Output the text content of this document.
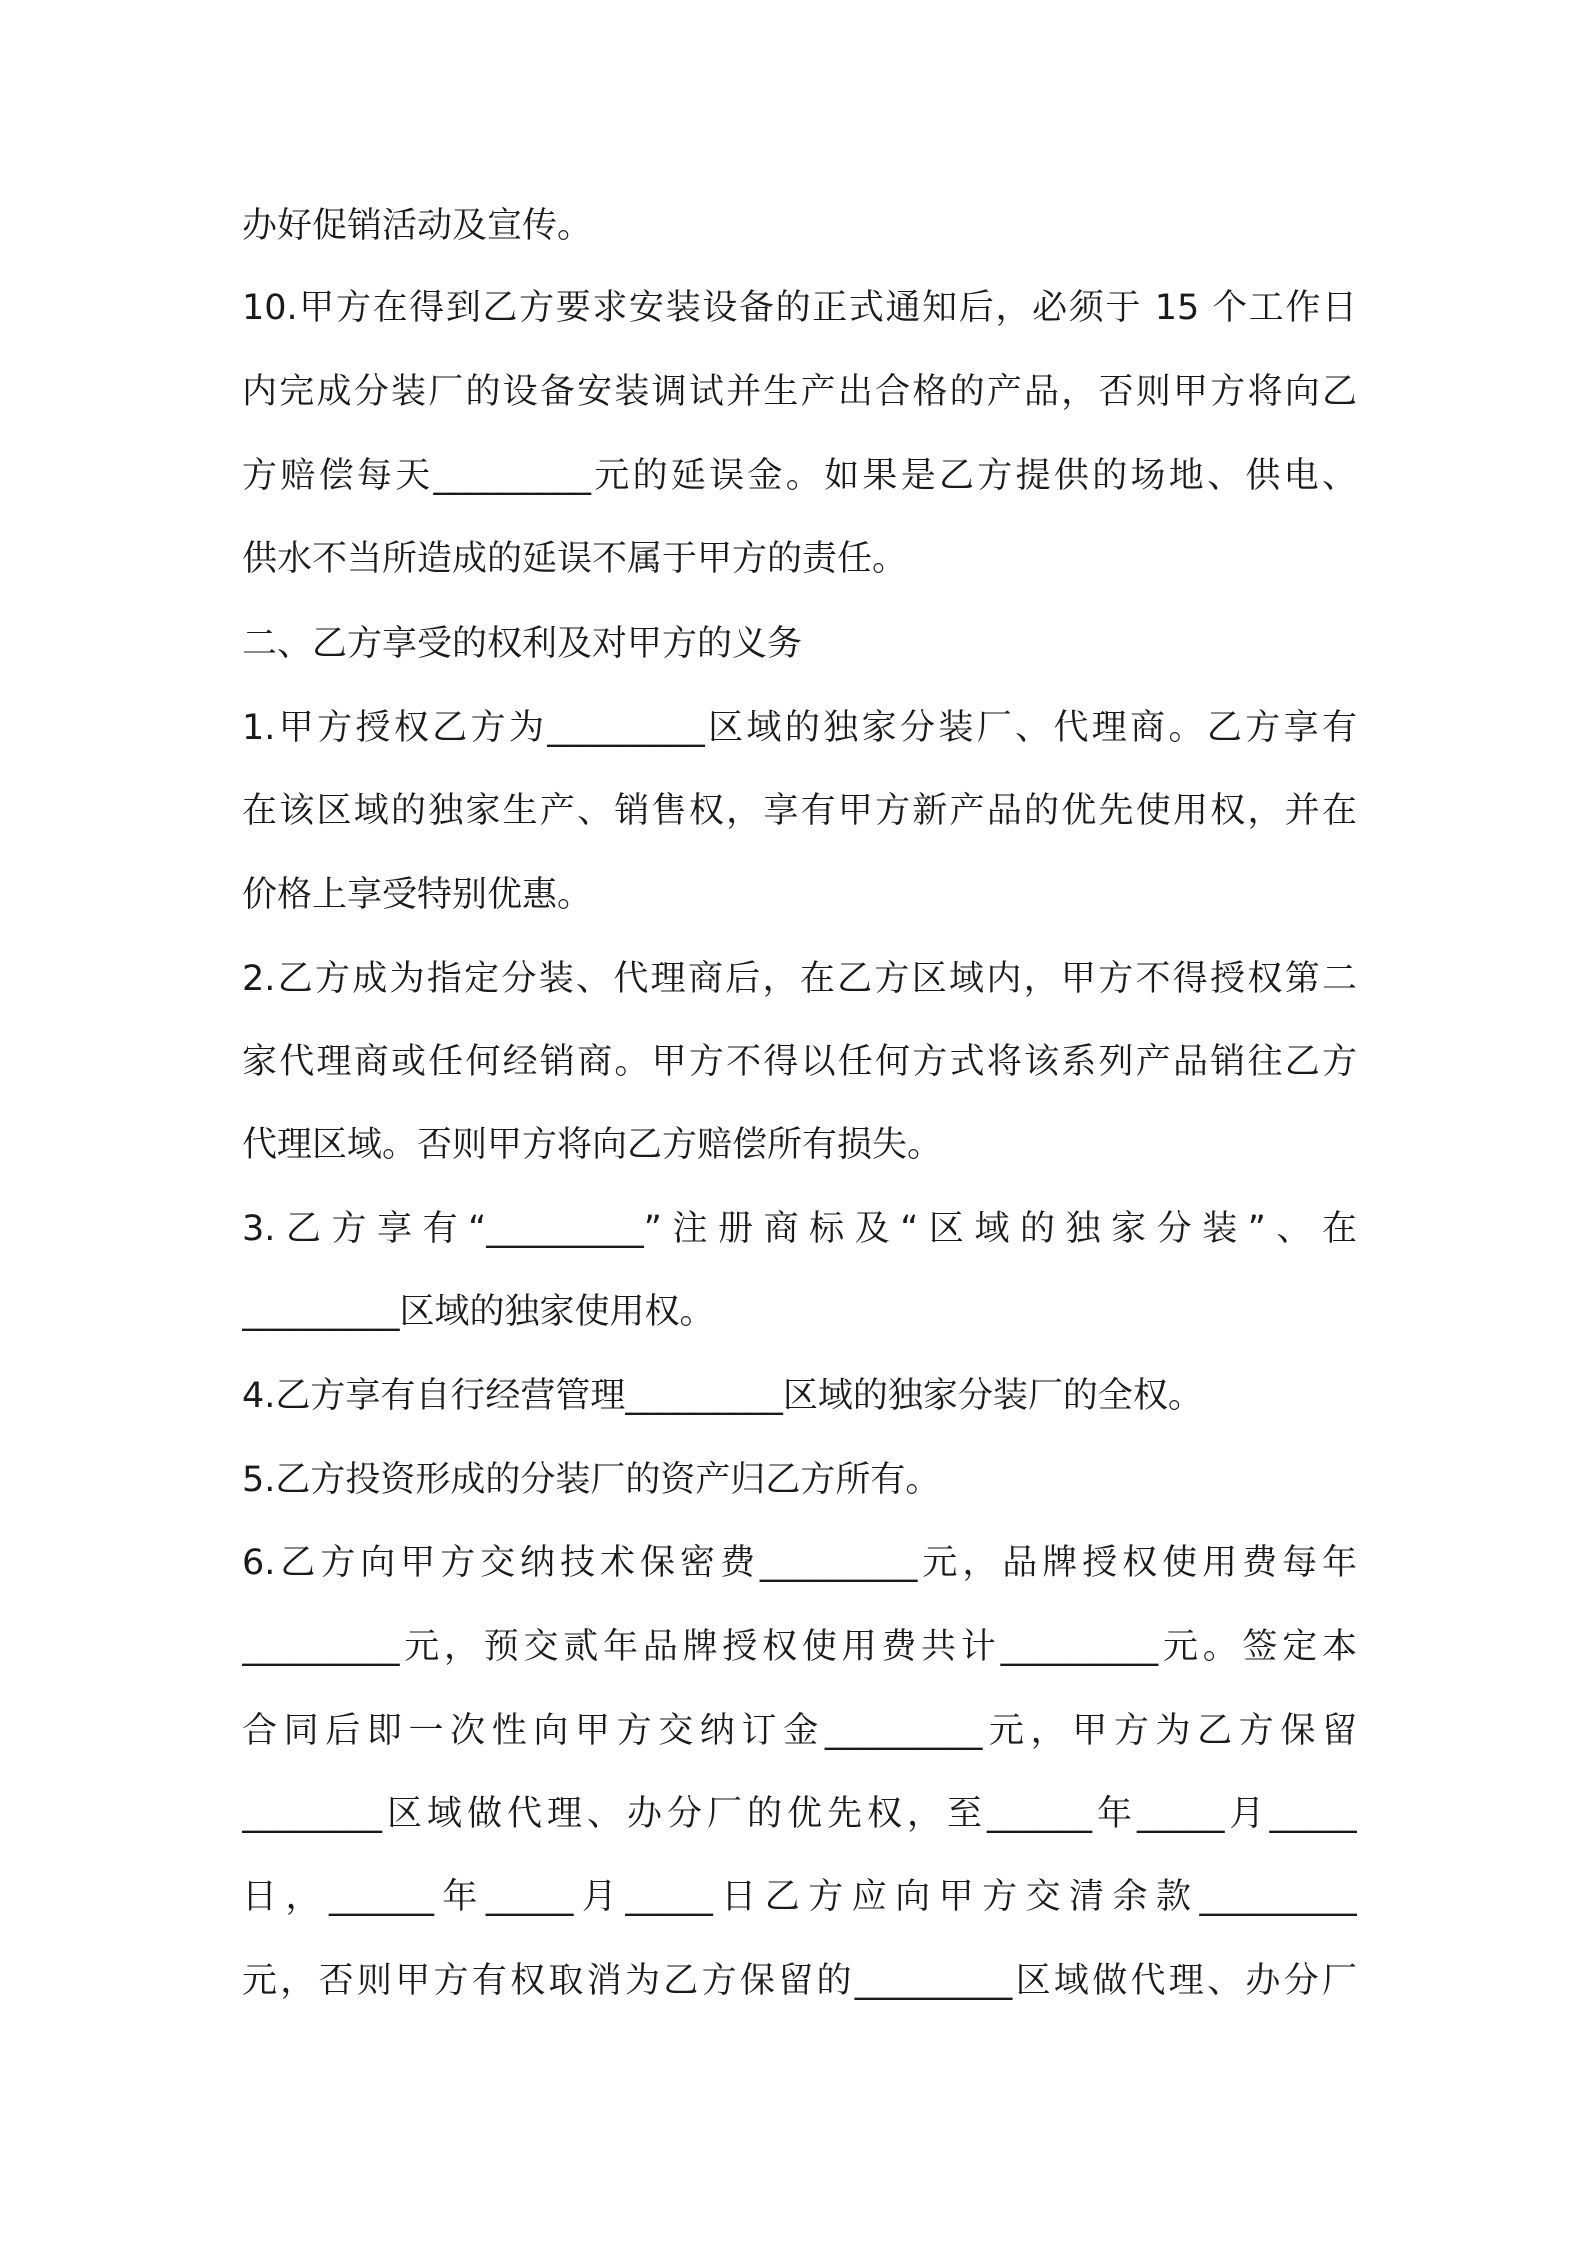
办好促销活动及宣传。

10.甲方在得到乙方要求安装设备的正式通知后，必须于 15 个工作日

内完成分装厂的设备安装调试并生产出合格的产品，否则甲方将向乙

方赔偿每天_________元的延误金。如果是乙方提供的场地、供电、

供水不当所造成的延误不属于甲方的责任。

二、乙方享受的权利及对甲方的义务

1.甲方授权乙方为_________区域的独家分装厂、代理商。乙方享有

在该区域的独家生产、销售权，享有甲方新产品的优先使用权，并在

价格上享受特别优惠。

2.乙方成为指定分装、代理商后，在乙方区域内，甲方不得授权第二

家代理商或任何经销商。甲方不得以任何方式将该系列产品销往乙方

代理区域。否则甲方将向乙方赔偿所有损失。

3.乙方享有“_________”注册商标及“区域的独家分装”、在

_________区域的独家使用权。

4.乙方享有自行经营管理_________区域的独家分装厂的全权。

5.乙方投资形成的分装厂的资产归乙方所有。

6.乙方向甲方交纳技术保密费_________元，品牌授权使用费每年

_________元，预交贰年品牌授权使用费共计_________元。签定本

合同后即一次性向甲方交纳订金_________元，甲方为乙方保留

________区域做代理、办分厂的优先权，至______年_____月_____

日，______年_____月_____日乙方应向甲方交清余款_________

元，否则甲方有权取消为乙方保留的_________区域做代理、办分厂
